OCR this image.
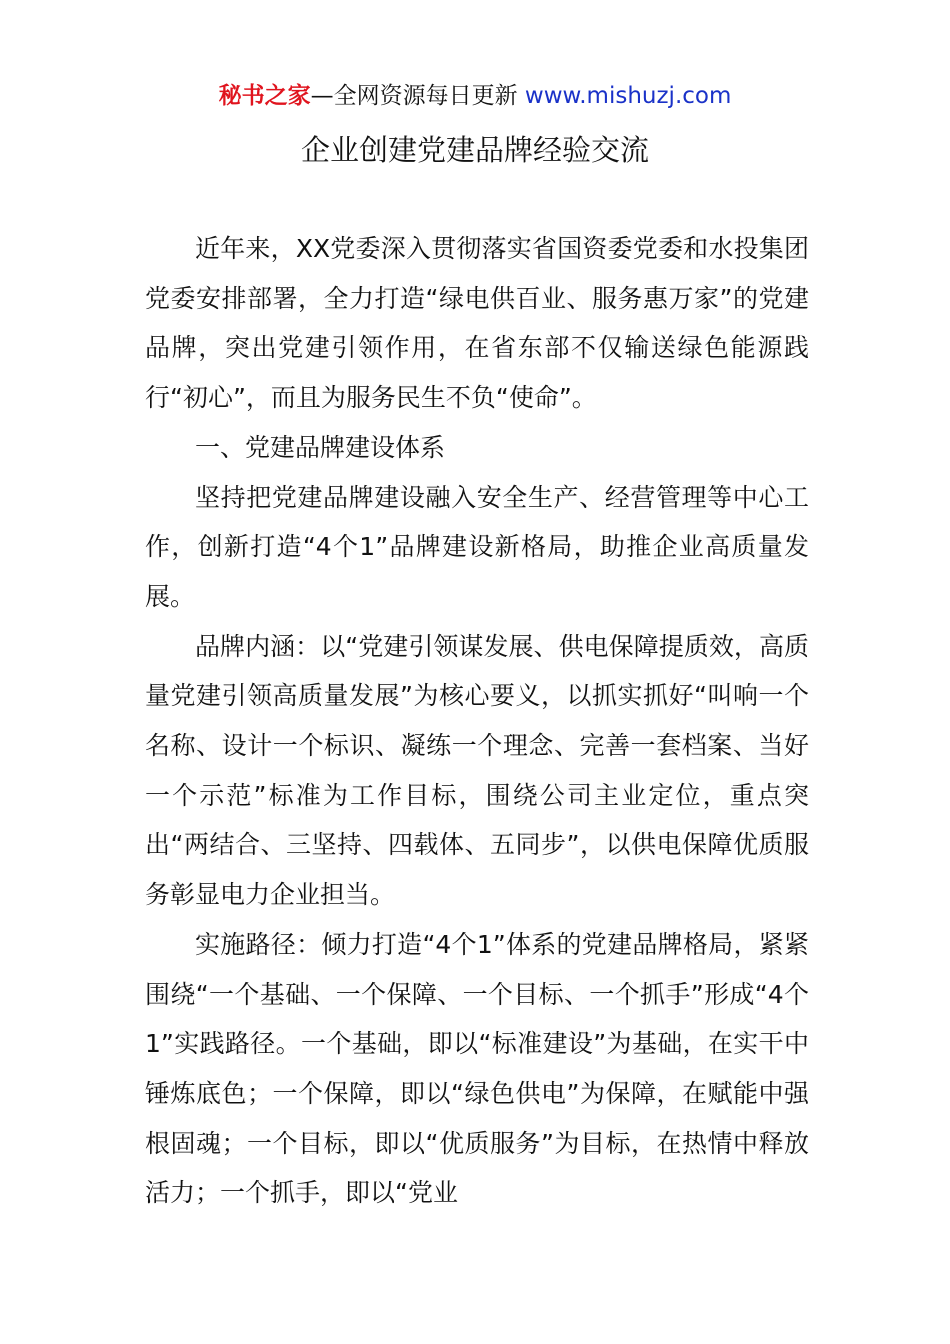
秘书之家—全网资源每日更新 www.mishuzj.com
企业创建党建品牌经验交流

近年来，XX党委深入贯彻落实省国资委党委和水投集团党委安排部署，全力打造“绿电供百业、服务惠万家”的党建品牌，突出党建引领作用，在省东部不仅输送绿色能源践行“初心”，而且为服务民生不负“使命”。

一、党建品牌建设体系

坚持把党建品牌建设融入安全生产、经营管理等中心工作，创新打造“4个1”品牌建设新格局，助推企业高质量发展。

品牌内涵：以“党建引领谋发展、供电保障提质效，高质量党建引领高质量发展”为核心要义，以抓实抓好“叫响一个名称、设计一个标识、凝练一个理念、完善一套档案、当好一个示范”标准为工作目标，围绕公司主业定位，重点突出“两结合、三坚持、四载体、五同步”，以供电保障优质服务彰显电力企业担当。

实施路径：倾力打造“4个1”体系的党建品牌格局，紧紧围绕“一个基础、一个保障、一个目标、一个抓手”形成“4个1”实践路径。一个基础，即以“标准建设”为基础，在实干中锤炼底色；一个保障，即以“绿色供电”为保障，在赋能中强根固魂；一个目标，即以“优质服务”为目标，在热情中释放活力；一个抓手，即以“党业
